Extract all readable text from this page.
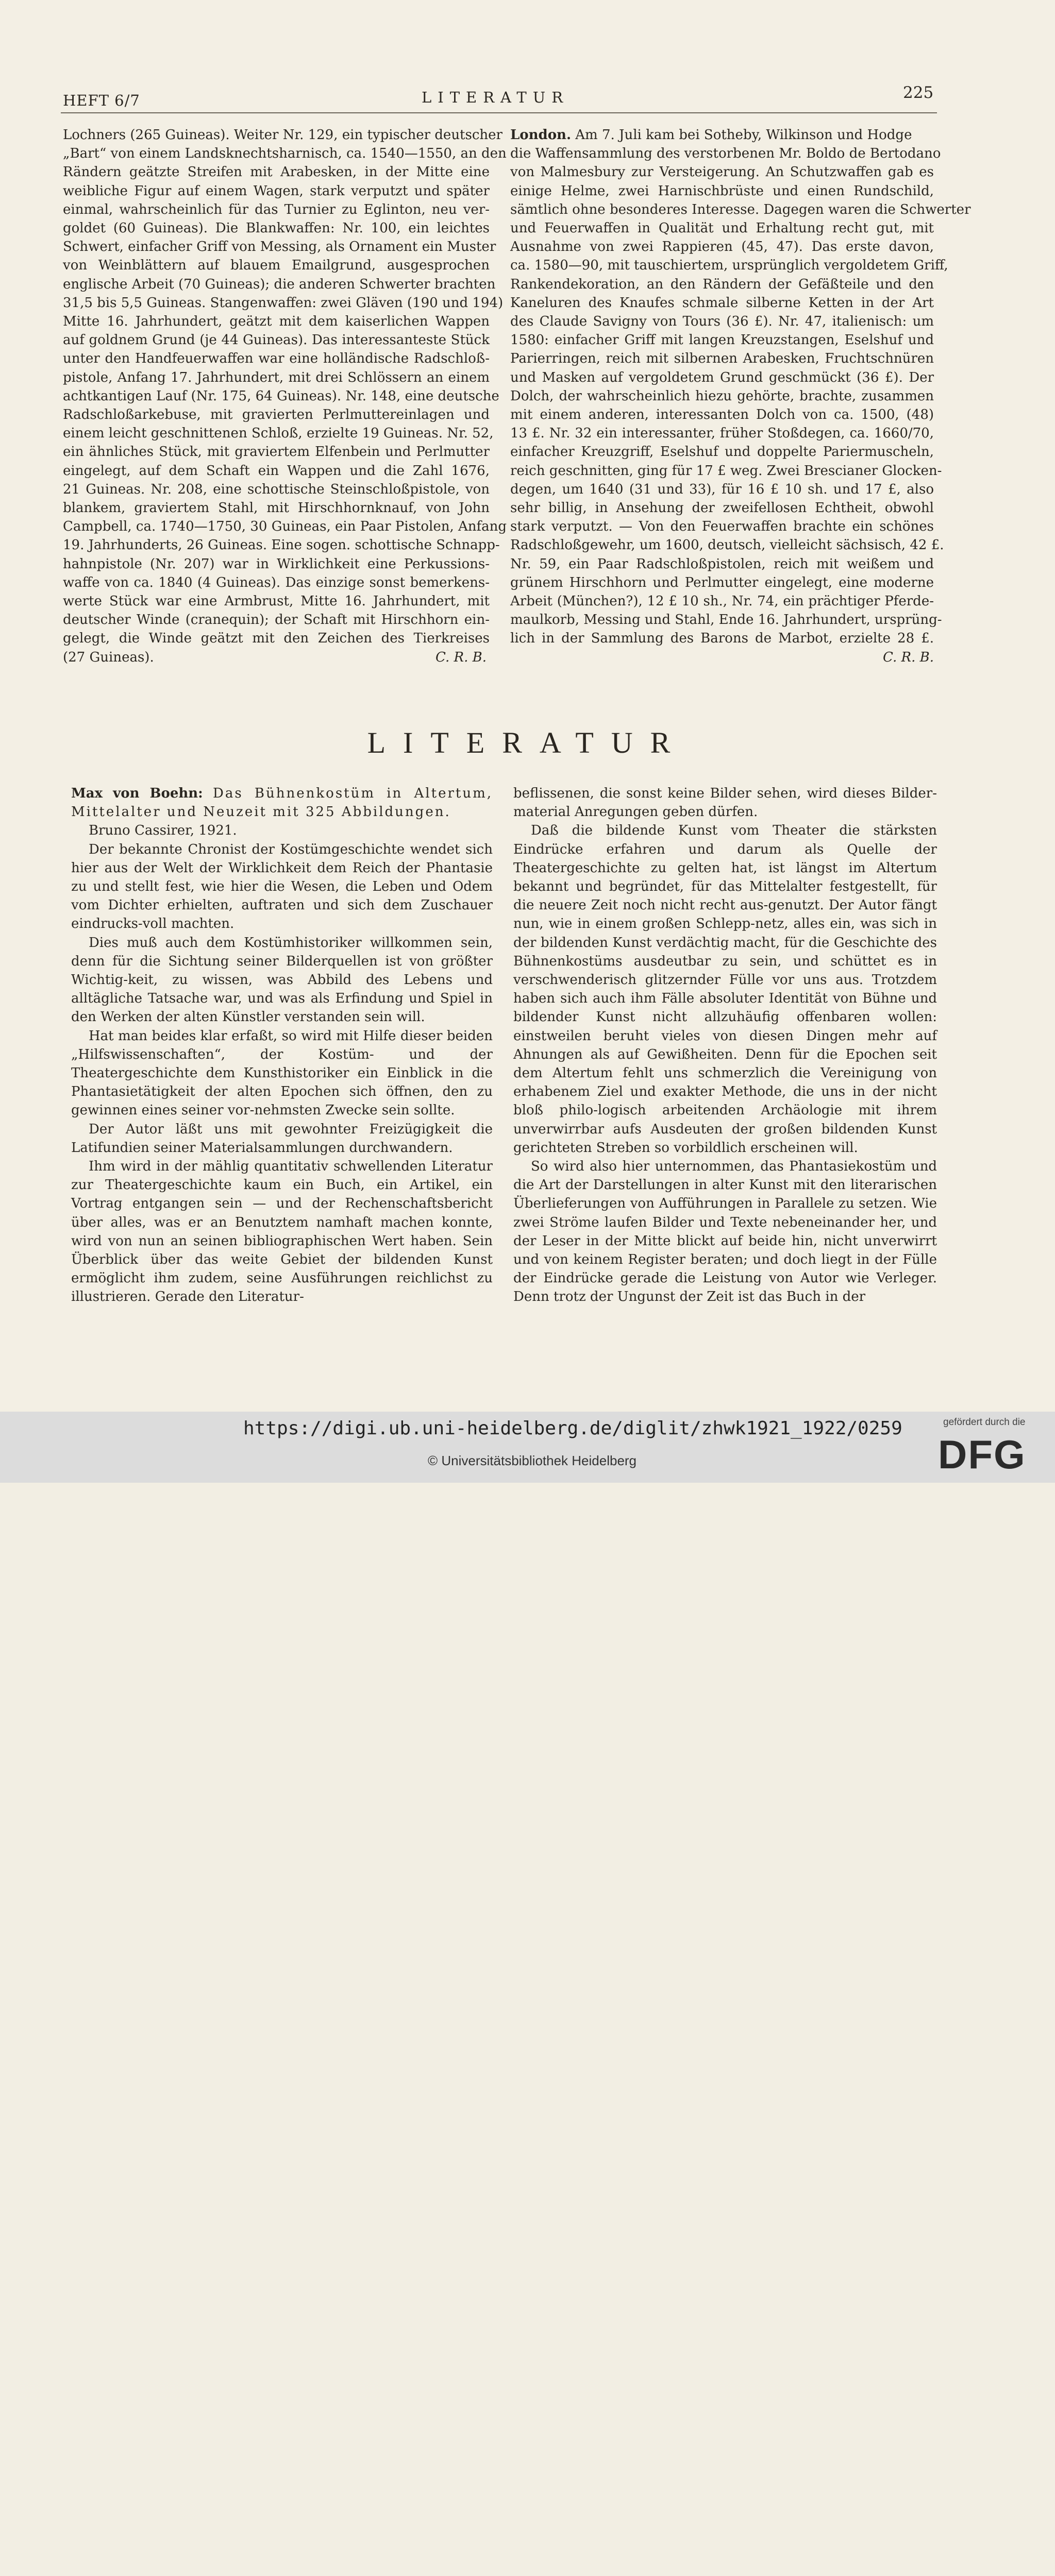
HEFT 6/7	LITERATUR	225
Lochners (265 Guineas). Weiter Nr. 129, ein typischer deutscher
„Bart“ von einem Landsknechtsharnisch, ca. 1540—1550, an den
Rändern geätzte Streifen mit Arabesken, in der Mitte eine
weibliche Figur auf einem Wagen, stark verputzt und später
einmal, wahrscheinlich für das Turnier zu Eglinton, neu ver-
goldet (60 Guineas). Die Blankwaffen: Nr. 100, ein leichtes
Schwert, einfacher Griff von Messing, als Ornament ein Muster
von Weinblättern auf blauem Emailgrund, ausgesprochen
englische Arbeit (70 Guineas); die anderen Schwerter brachten
31,5 bis 5,5 Guineas. Stangenwaffen: zwei Gläven (190 und 194)
Mitte 16. Jahrhundert, geätzt mit dem kaiserlichen Wappen
auf goldnem Grund (je 44 Guineas). Das interessanteste Stück
unter den Handfeuerwaffen war eine holländische Radschloß-
pistole, Anfang 17. Jahrhundert, mit drei Schlössern an einem
achtkantigen Lauf (Nr. 175, 64 Guineas). Nr. 148, eine deutsche
Radschloßarkebuse, mit gravierten Perlmuttereinlagen und
einem leicht geschnittenen Schloß, erzielte 19 Guineas. Nr. 52,
ein ähnliches Stück, mit graviertem Elfenbein und Perlmutter
eingelegt, auf dem Schaft ein Wappen und die Zahl 1676,
21 Guineas. Nr. 208, eine schottische Steinschloßpistole, von
blankem, graviertem Stahl, mit Hirschhornknauf, von John
Campbell, ca. 1740—1750, 30 Guineas, ein Paar Pistolen, Anfang
19. Jahrhunderts, 26 Guineas. Eine sogen. schottische Schnapp-
hahnpistole (Nr. 207) war in Wirklichkeit eine Perkussions-
waffe von ca. 1840 (4 Guineas). Das einzige sonst bemerkens-
werte Stück war eine Armbrust, Mitte 16. Jahrhundert, mit
deutscher Winde (cranequin); der Schaft mit Hirschhorn ein-
gelegt, die Winde geätzt mit den Zeichen des Tierkreises
(27 Guineas).	C. R. B.

London. Am 7. Juli kam bei Sotheby, Wilkinson und Hodge

die Waffensammlung des verstorbenen Mr. Boldo de Bertodano
von Malmesbury zur Versteigerung. An Schutzwaffen gab es
einige Helme, zwei Harnischbrüste und einen Rundschild,
sämtlich ohne besonderes Interesse. Dagegen waren die Schwerter
und Feuerwaffen in Qualität und Erhaltung recht gut, mit
Ausnahme von zwei Rappieren (45, 47). Das erste davon,
ca. 1580—90, mit tauschiertem, ursprünglich vergoldetem Griff,
Rankendekoration, an den Rändern der Gefäßteile und den
Kaneluren des Knaufes schmale silberne Ketten in der Art
des Claude Savigny von Tours (36 £). Nr. 47, italienisch: um
1580: einfacher Griff mit langen Kreuzstangen, Eselshuf und
Parierringen, reich mit silbernen Arabesken, Fruchtschnüren
und Masken auf vergoldetem Grund geschmückt (36 £). Der
Dolch, der wahrscheinlich hiezu gehörte, brachte, zusammen
mit einem anderen, interessanten Dolch von ca. 1500, (48)
13 £. Nr. 32 ein interessanter, früher Stoßdegen, ca. 1660/70,
einfacher Kreuzgriff, Eselshuf und doppelte Pariermuscheln,
reich geschnitten, ging für 17 £ weg. Zwei Brescianer Glocken-
degen, um 1640 (31 und 33), für 16 £ 10 sh. und 17 £, also
sehr billig, in Ansehung der zweifellosen Echtheit, obwohl
stark verputzt. — Von den Feuerwaffen brachte ein schönes
Radschloßgewehr, um 1600, deutsch, vielleicht sächsisch, 42 £.
Nr. 59, ein Paar Radschloßpistolen, reich mit weißem und
grünem Hirschhorn und Perlmutter eingelegt, eine moderne
Arbeit (München?), 12 £ 10 sh., Nr. 74, ein prächtiger Pferde-
maulkorb, Messing und Stahl, Ende 16. Jahrhundert, ursprüng-
lich in der Sammlung des Barons de Marbot, erzielte 28 £.
C. R. B.
LITERATUR

Max von Boehn: Das Bühnenkostüm in Altertum, Mittelalter und Neuzeit mit 325 Abbildungen.

Bruno Cassirer, 1921.

Der bekannte Chronist der Kostümgeschichte wendet sich hier aus der Welt der Wirklichkeit dem Reich der Phantasie zu und stellt fest, wie hier die Wesen, die Leben und Odem vom Dichter erhielten, auftraten und sich dem Zuschauer eindrucks-voll machten.

Dies muß auch dem Kostümhistoriker willkommen sein, denn für die Sichtung seiner Bilderquellen ist von größter Wichtig-keit, zu wissen, was Abbild des Lebens und alltägliche Tatsache war, und was als Erfindung und Spiel in den Werken der alten Künstler verstanden sein will.

Hat man beides klar erfaßt, so wird mit Hilfe dieser beiden „Hilfswissenschaften“, der Kostüm- und der Theatergeschichte dem Kunsthistoriker ein Einblick in die Phantasietätigkeit der alten Epochen sich öffnen, den zu gewinnen eines seiner vor-nehmsten Zwecke sein sollte.

Der Autor läßt uns mit gewohnter Freizügigkeit die Latifundien seiner Materialsammlungen durchwandern.

Ihm wird in der mählig quantitativ schwellenden Literatur zur Theatergeschichte kaum ein Buch, ein Artikel, ein Vortrag entgangen sein — und der Rechenschaftsbericht über alles, was er an Benutztem namhaft machen konnte, wird von nun an seinen bibliographischen Wert haben. Sein Überblick über das weite Gebiet der bildenden Kunst ermöglicht ihm zudem, seine Ausführungen reichlichst zu illustrieren. Gerade den Literatur-

beflissenen, die sonst keine Bilder sehen, wird dieses Bilder-material Anregungen geben dürfen.

Daß die bildende Kunst vom Theater die stärksten Eindrücke erfahren und darum als Quelle der Theatergeschichte zu gelten hat, ist längst im Altertum bekannt und begründet, für das Mittelalter festgestellt, für die neuere Zeit noch nicht recht aus-genutzt. Der Autor fängt nun, wie in einem großen Schlepp-netz, alles ein, was sich in der bildenden Kunst verdächtig macht, für die Geschichte des Bühnenkostüms ausdeutbar zu sein, und schüttet es in verschwenderisch glitzernder Fülle vor uns aus. Trotzdem haben sich auch ihm Fälle absoluter Identität von Bühne und bildender Kunst nicht allzuhäufig offenbaren wollen: einstweilen beruht vieles von diesen Dingen mehr auf Ahnungen als auf Gewißheiten. Denn für die Epochen seit dem Altertum fehlt uns schmerzlich die Vereinigung von erhabenem Ziel und exakter Methode, die uns in der nicht bloß philo-logisch arbeitenden Archäologie mit ihrem unverwirrbar aufs Ausdeuten der großen bildenden Kunst gerichteten Streben so vorbildlich erscheinen will.

So wird also hier unternommen, das Phantasiekostüm und die Art der Darstellungen in alter Kunst mit den literarischen Überlieferungen von Aufführungen in Parallele zu setzen. Wie zwei Ströme laufen Bilder und Texte nebeneinander her, und der Leser in der Mitte blickt auf beide hin, nicht unverwirrt und von keinem Register beraten; und doch liegt in der Fülle der Eindrücke gerade die Leistung von Autor wie Verleger. Denn trotz der Ungunst der Zeit ist das Buch in der

https://digi.ub.uni-heidelberg.de/diglit/zhwk1921_1922/0259
© Universitätsbibliothek Heidelberg
gefördert durch die
DFG
